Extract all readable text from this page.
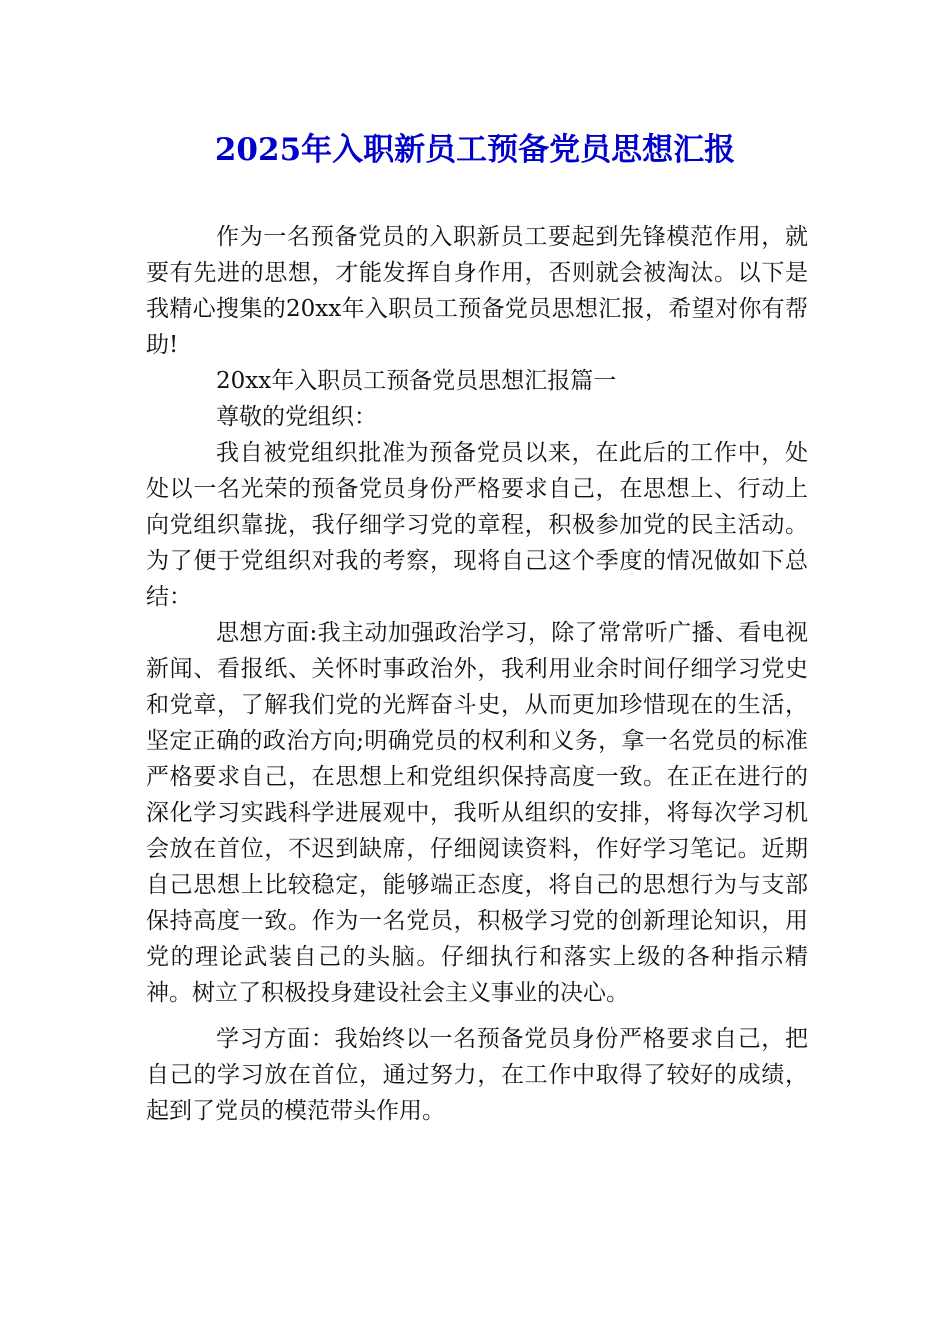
2025年入职新员工预备党员思想汇报

作为一名预备党员的入职新员工要起到先锋模范作用，就要有先进的思想，才能发挥自身作用，否则就会被淘汰。以下是我精心搜集的20xx年入职员工预备党员思想汇报，希望对你有帮助!

20xx年入职员工预备党员思想汇报篇一

尊敬的党组织：

我自被党组织批准为预备党员以来，在此后的工作中，处处以一名光荣的预备党员身份严格要求自己，在思想上、行动上向党组织靠拢，我仔细学习党的章程，积极参加党的民主活动。为了便于党组织对我的考察，现将自己这个季度的情况做如下总结：

思想方面:我主动加强政治学习，除了常常听广播、看电视新闻、看报纸、关怀时事政治外，我利用业余时间仔细学习党史和党章，了解我们党的光辉奋斗史，从而更加珍惜现在的生活，坚定正确的政治方向;明确党员的权利和义务，拿一名党员的标准严格要求自己，在思想上和党组织保持高度一致。在正在进行的深化学习实践科学进展观中，我听从组织的安排，将每次学习机会放在首位，不迟到缺席，仔细阅读资料，作好学习笔记。近期自己思想上比较稳定，能够端正态度，将自己的思想行为与支部保持高度一致。作为一名党员，积极学习党的创新理论知识，用党的理论武装自己的头脑。仔细执行和落实上级的各种指示精神。树立了积极投身建设社会主义事业的决心。

学习方面：我始终以一名预备党员身份严格要求自己，把自己的学习放在首位，通过努力，在工作中取得了较好的成绩，起到了党员的模范带头作用。
